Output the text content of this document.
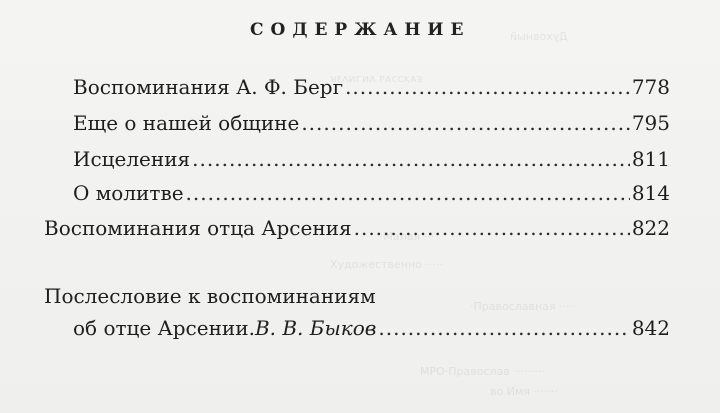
Духовный
ᴚᴇᴧᴎᴦᴎᴧ ᴘᴀᴄᴄᴋᴀᴈ
·Малая ···
Художественно ·····
·Православная ·····
МРО·Православ ·········
во Имя ·······
СОДЕРЖАНИЕ
Воспоминания А. Ф. Берг .....	778
Еще о нашей общине .....	795
Исцеления .....	811
О молитве .....	814
Воспоминания отца Арсения .....	822
Послесловие к воспоминаниям
об отце Арсении. В. В. Быков .....	842
